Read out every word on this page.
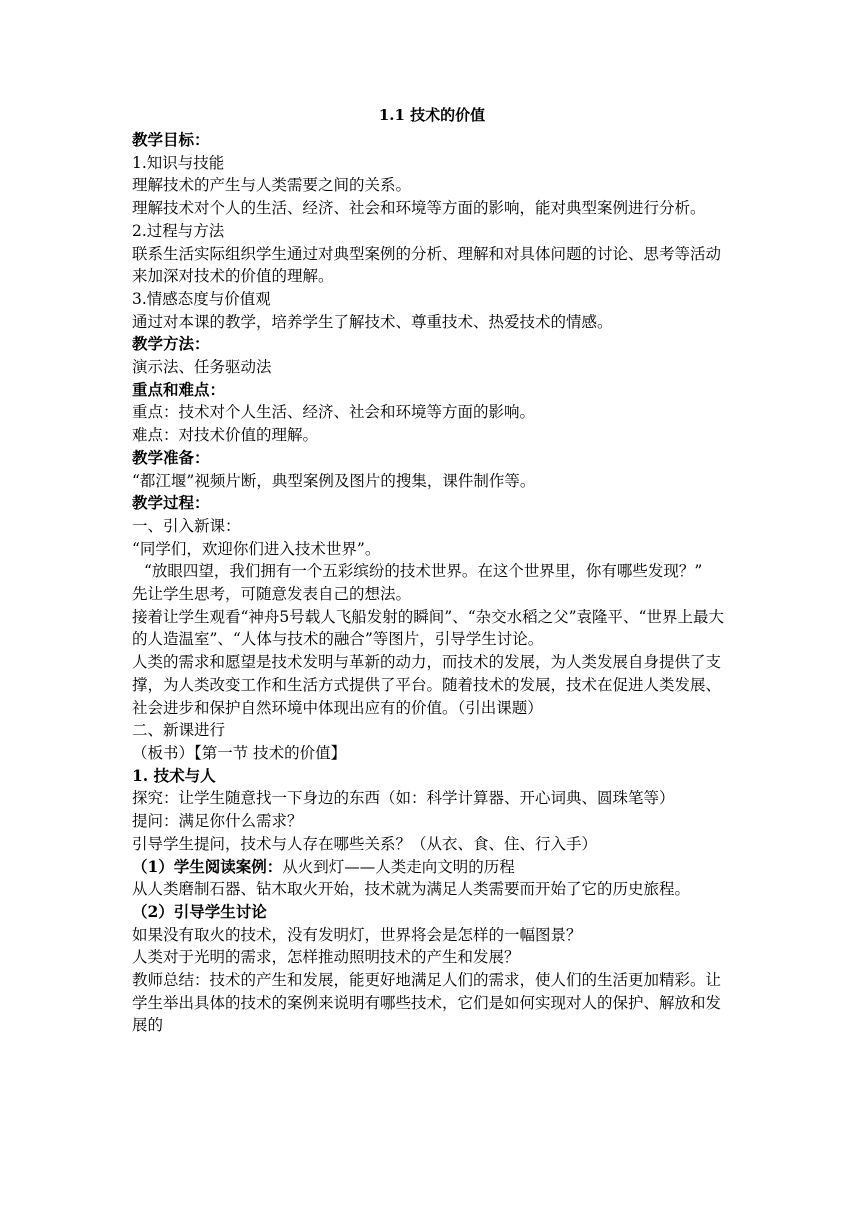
1.1 技术的价值
教学目标：
1.知识与技能
理解技术的产生与人类需要之间的关系。
理解技术对个人的生活、经济、社会和环境等方面的影响，能对典型案例进行分析。
2.过程与方法
联系生活实际组织学生通过对典型案例的分析、理解和对具体问题的讨论、思考等活动来加深对技术的价值的理解。
3.情感态度与价值观
通过对本课的教学，培养学生了解技术、尊重技术、热爱技术的情感。
教学方法：
演示法、任务驱动法
重点和难点：
重点：技术对个人生活、经济、社会和环境等方面的影响。
难点：对技术价值的理解。
教学准备：
“都江堰”视频片断，典型案例及图片的搜集，课件制作等。
教学过程：
一、引入新课：
“同学们，欢迎你们进入技术世界”。
“放眼四望，我们拥有一个五彩缤纷的技术世界。在这个世界里，你有哪些发现？”
先让学生思考，可随意发表自己的想法。
接着让学生观看“神舟5号载人飞船发射的瞬间”、“杂交水稻之父”袁隆平、“世界上最大的人造温室”、“人体与技术的融合”等图片，引导学生讨论。
人类的需求和愿望是技术发明与革新的动力，而技术的发展，为人类发展自身提供了支撑，为人类改变工作和生活方式提供了平台。随着技术的发展，技术在促进人类发展、社会进步和保护自然环境中体现出应有的价值。（引出课题）
二、新课进行
（板书）【第一节 技术的价值】
1. 技术与人
探究：让学生随意找一下身边的东西（如：科学计算器、开心词典、圆珠笔等）
提问：满足你什么需求？
引导学生提问，技术与人存在哪些关系？（从衣、食、住、行入手）
（1）学生阅读案例：从火到灯——人类走向文明的历程
从人类磨制石器、钻木取火开始，技术就为满足人类需要而开始了它的历史旅程。
（2）引导学生讨论
如果没有取火的技术，没有发明灯，世界将会是怎样的一幅图景？
人类对于光明的需求，怎样推动照明技术的产生和发展？
教师总结：技术的产生和发展，能更好地满足人们的需求，使人们的生活更加精彩。让学生举出具体的技术的案例来说明有哪些技术，它们是如何实现对人的保护、解放和发展的
